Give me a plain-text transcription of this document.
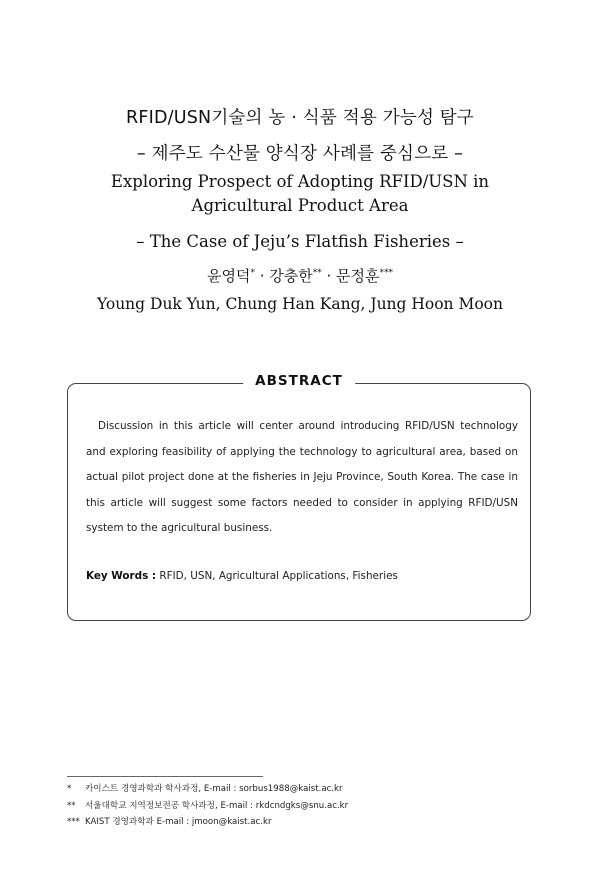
RFID/USN기술의 농 · 식품 적용 가능성 탐구
– 제주도 수산물 양식장 사례를 중심으로 –
Exploring Prospect of Adopting RFID/USN in
Agricultural Product Area
– The Case of Jeju’s Flatfish Fisheries –
윤영덕* · 강충한** · 문정훈***
Young Duk Yun, Chung Han Kang, Jung Hoon Moon
ABSTRACT

Discussion in this article will center around introducing RFID/USN technology and exploring feasibility of applying the technology to agricultural area, based on actual pilot project done at the fisheries in Jeju Province, South Korea. The case in this article will suggest some factors needed to consider in applying RFID/USN system to the agricultural business.

Key Words : RFID, USN, Agricultural Applications, Fisheries
* 카이스트 경영과학과 학사과정, E-mail : sorbus1988@kaist.ac.kr
** 서울대학교 지역정보전공 학사과정, E-mail : rkdcndgks@snu.ac.kr
*** KAIST 경영과학과 E-mail : jmoon@kaist.ac.kr
